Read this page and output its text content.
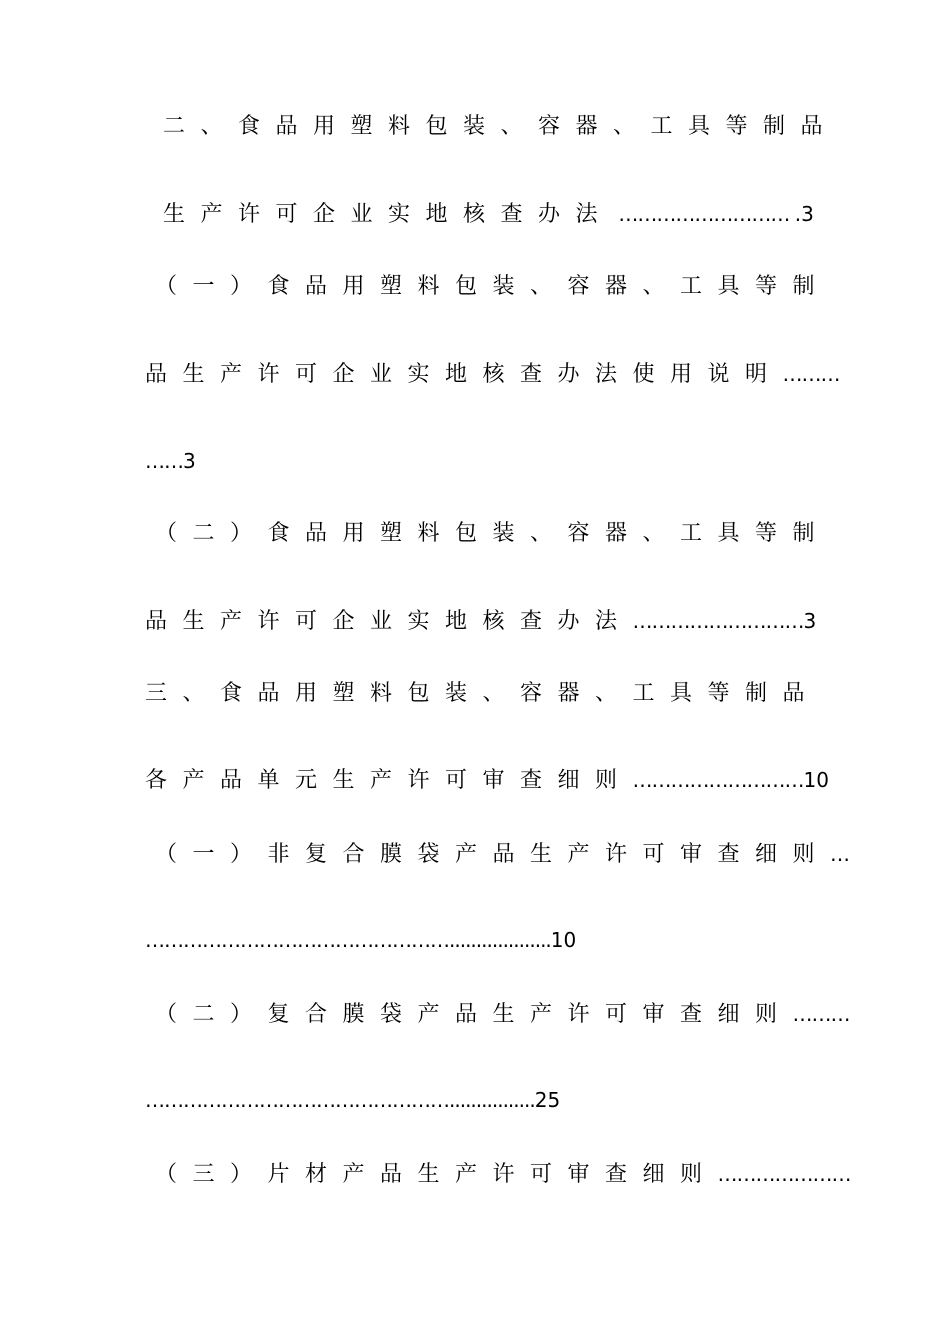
二、食品用塑料包装、容器、工具等制品
生产许可企业实地核查办法 ……………………… .3
（一）食品用塑料包装、容器、工具等制
品生产许可企业实地核查办法使用说明………
……3
（二）食品用塑料包装、容器、工具等制
品生产许可企业实地核查办法………………………3
三、食品用塑料包装、容器、工具等制品
各产品单元生产许可审查细则………………………10
（一）非复合膜袋产品生产许可审查细则…
…………………………………………...................10
（二）复合膜袋产品生产许可审查细则………
…………………………………………................25
（三）片材产品生产许可审查细则…………………
